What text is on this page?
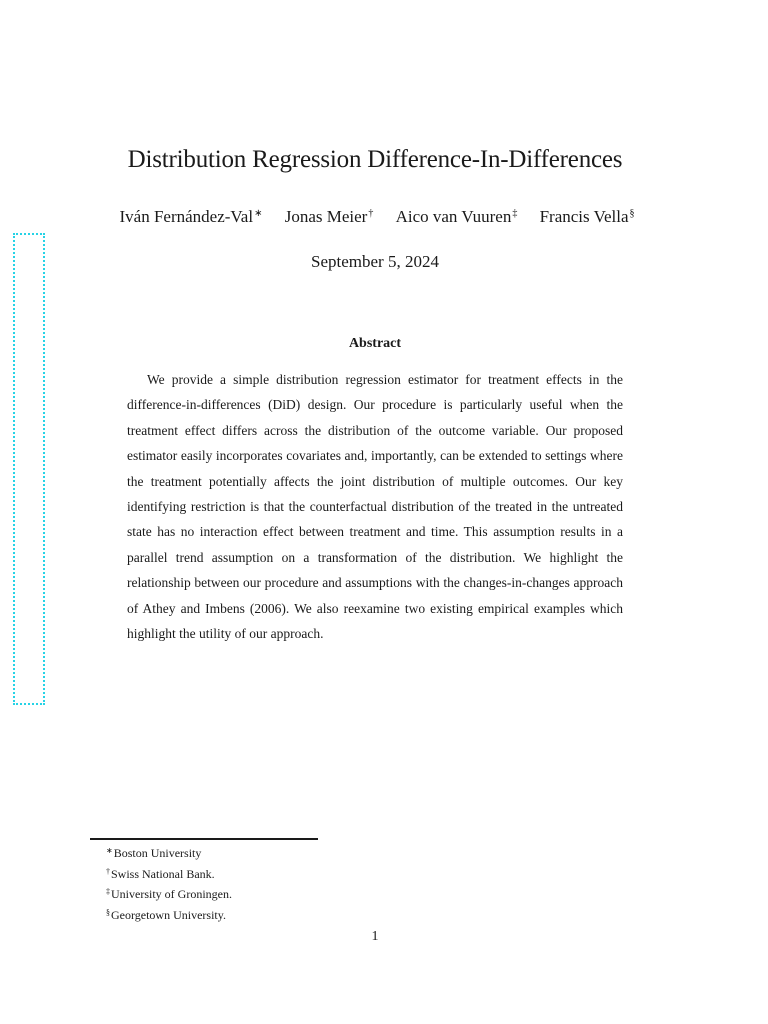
Distribution Regression Difference-In-Differences
Iván Fernández-Val∗ Jonas Meier† Aico van Vuuren‡ Francis Vella§
September 5, 2024
Abstract

We provide a simple distribution regression estimator for treatment effects in the difference-in-differences (DiD) design. Our procedure is particularly useful when the treatment effect differs across the distribution of the outcome variable. Our proposed estimator easily incorporates covariates and, importantly, can be extended to settings where the treatment potentially affects the joint distribution of multiple outcomes. Our key identifying restriction is that the counterfactual distribution of the treated in the untreated state has no interaction effect between treatment and time. This assumption results in a parallel trend assumption on a transformation of the distribution. We highlight the relationship between our procedure and assumptions with the changes-in-changes approach of Athey and Imbens (2006). We also reexamine two existing empirical examples which highlight the utility of our approach.

∗Boston University
†Swiss National Bank.
‡University of Groningen.
§Georgetown University.
1
